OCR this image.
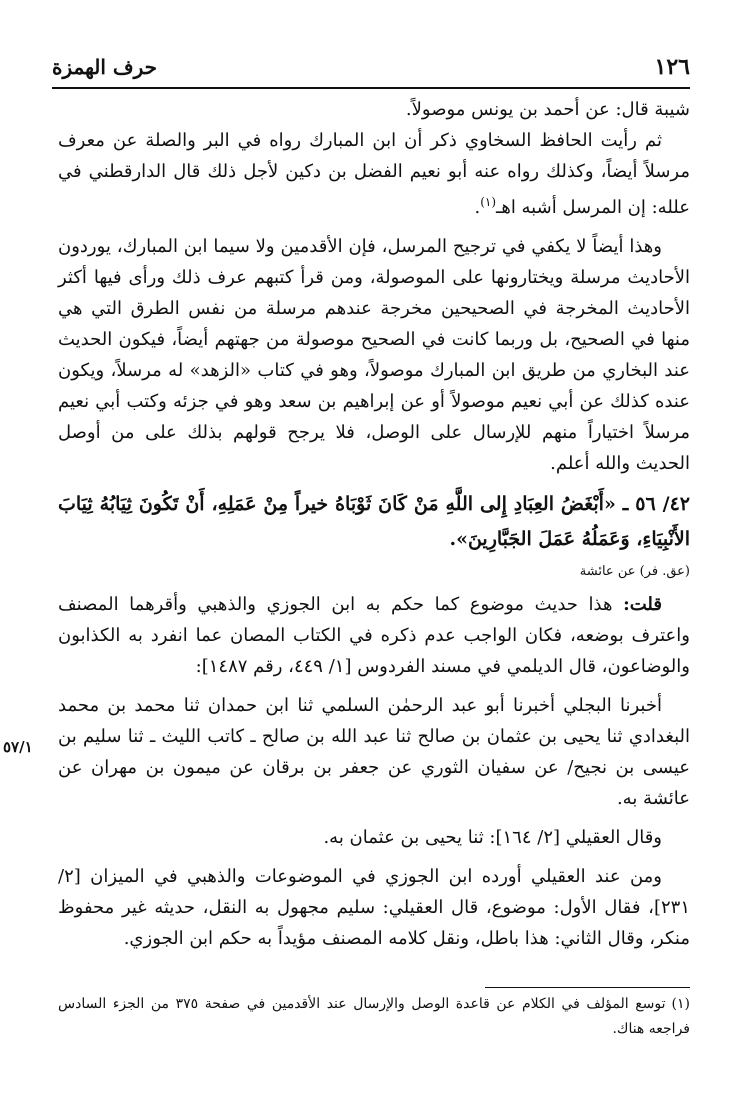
١٢٦
حرف الهمزة

شيبة قال: عن أحمد بن يونس موصولاً.

ثم رأيت الحافظ السخاوي ذكر أن ابن المبارك رواه في البر والصلة عن معرف مرسلاً أيضاً، وكذلك رواه عنه أبو نعيم الفضل بن دكين لأجل ذلك قال الدارقطني في علله: إن المرسل أشبه اهـ$^{(١)}$.

وهذا أيضاً لا يكفي في ترجيح المرسل، فإن الأقدمين ولا سيما ابن المبارك، يوردون الأحاديث مرسلة ويختارونها على الموصولة، ومن قرأ كتبهم عرف ذلك ورأى فيها أكثر الأحاديث المخرجة في الصحيحين مخرجة عندهم مرسلة من نفس الطرق التي هي منها في الصحيح، بل وربما كانت في الصحيح موصولة من جهتهم أيضاً، فيكون الحديث عند البخاري من طريق ابن المبارك موصولاً، وهو في كتاب «الزهد» له مرسلاً، ويكون عنده كذلك عن أبي نعيم موصولاً أو عن إبراهيم بن سعد وهو في جزئه وكتب أبي نعيم مرسلاً اختياراً منهم للإرسال على الوصل، فلا يرجح قولهم بذلك على من أوصل الحديث والله أعلم.

٤٢/ ٥٦ ـ «أَبْغَضُ العِبَادِ إِلى اللَّهِ مَنْ كَانَ ثَوْبَاهُ خيراً مِنْ عَمَلِهِ، أَنْ تَكُونَ ثِيَابُهُ ثِيَابَ الأَنْبِيَاءِ، وَعَمَلُهُ عَمَلَ الجَبَّارِينَ».

(عق. فر) عن عائشة

قلت: هذا حديث موضوع كما حكم به ابن الجوزي والذهبي وأقرهما المصنف واعترف بوضعه، فكان الواجب عدم ذكره في الكتاب المصان عما انفرد به الكذابون والوضاعون، قال الديلمي في مسند الفردوس [١/ ٤٤٩، رقم ١٤٨٧]:

أخبرنا البجلي أخبرنا أبو عبد الرحمٰن السلمي ثنا ابن حمدان ثنا محمد بن محمد البغدادي ثنا يحيى بن عثمان بن صالح ثنا عبد الله بن صالح ـ كاتب الليث ـ ثنا سليم بن عيسى بن نجيح/ عن سفيان الثوري عن جعفر بن برقان عن ميمون بن مهران عن عائشة به.

وقال العقيلي [٢/ ١٦٤]: ثنا يحيى بن عثمان به.

ومن عند العقيلي أورده ابن الجوزي في الموضوعات والذهبي في الميزان [٢/ ٢٣١]، فقال الأول: موضوع، قال العقيلي: سليم مجهول به النقل، حديثه غير محفوظ منكر، وقال الثاني: هذا باطل، ونقل كلامه المصنف مؤيداً به حكم ابن الجوزي.

٥٧/١
(١)توسع المؤلف في الكلام عن قاعدة الوصل والإرسال عند الأقدمين في صفحة ٣٧٥ من الجزء السادس فراجعه هناك.
